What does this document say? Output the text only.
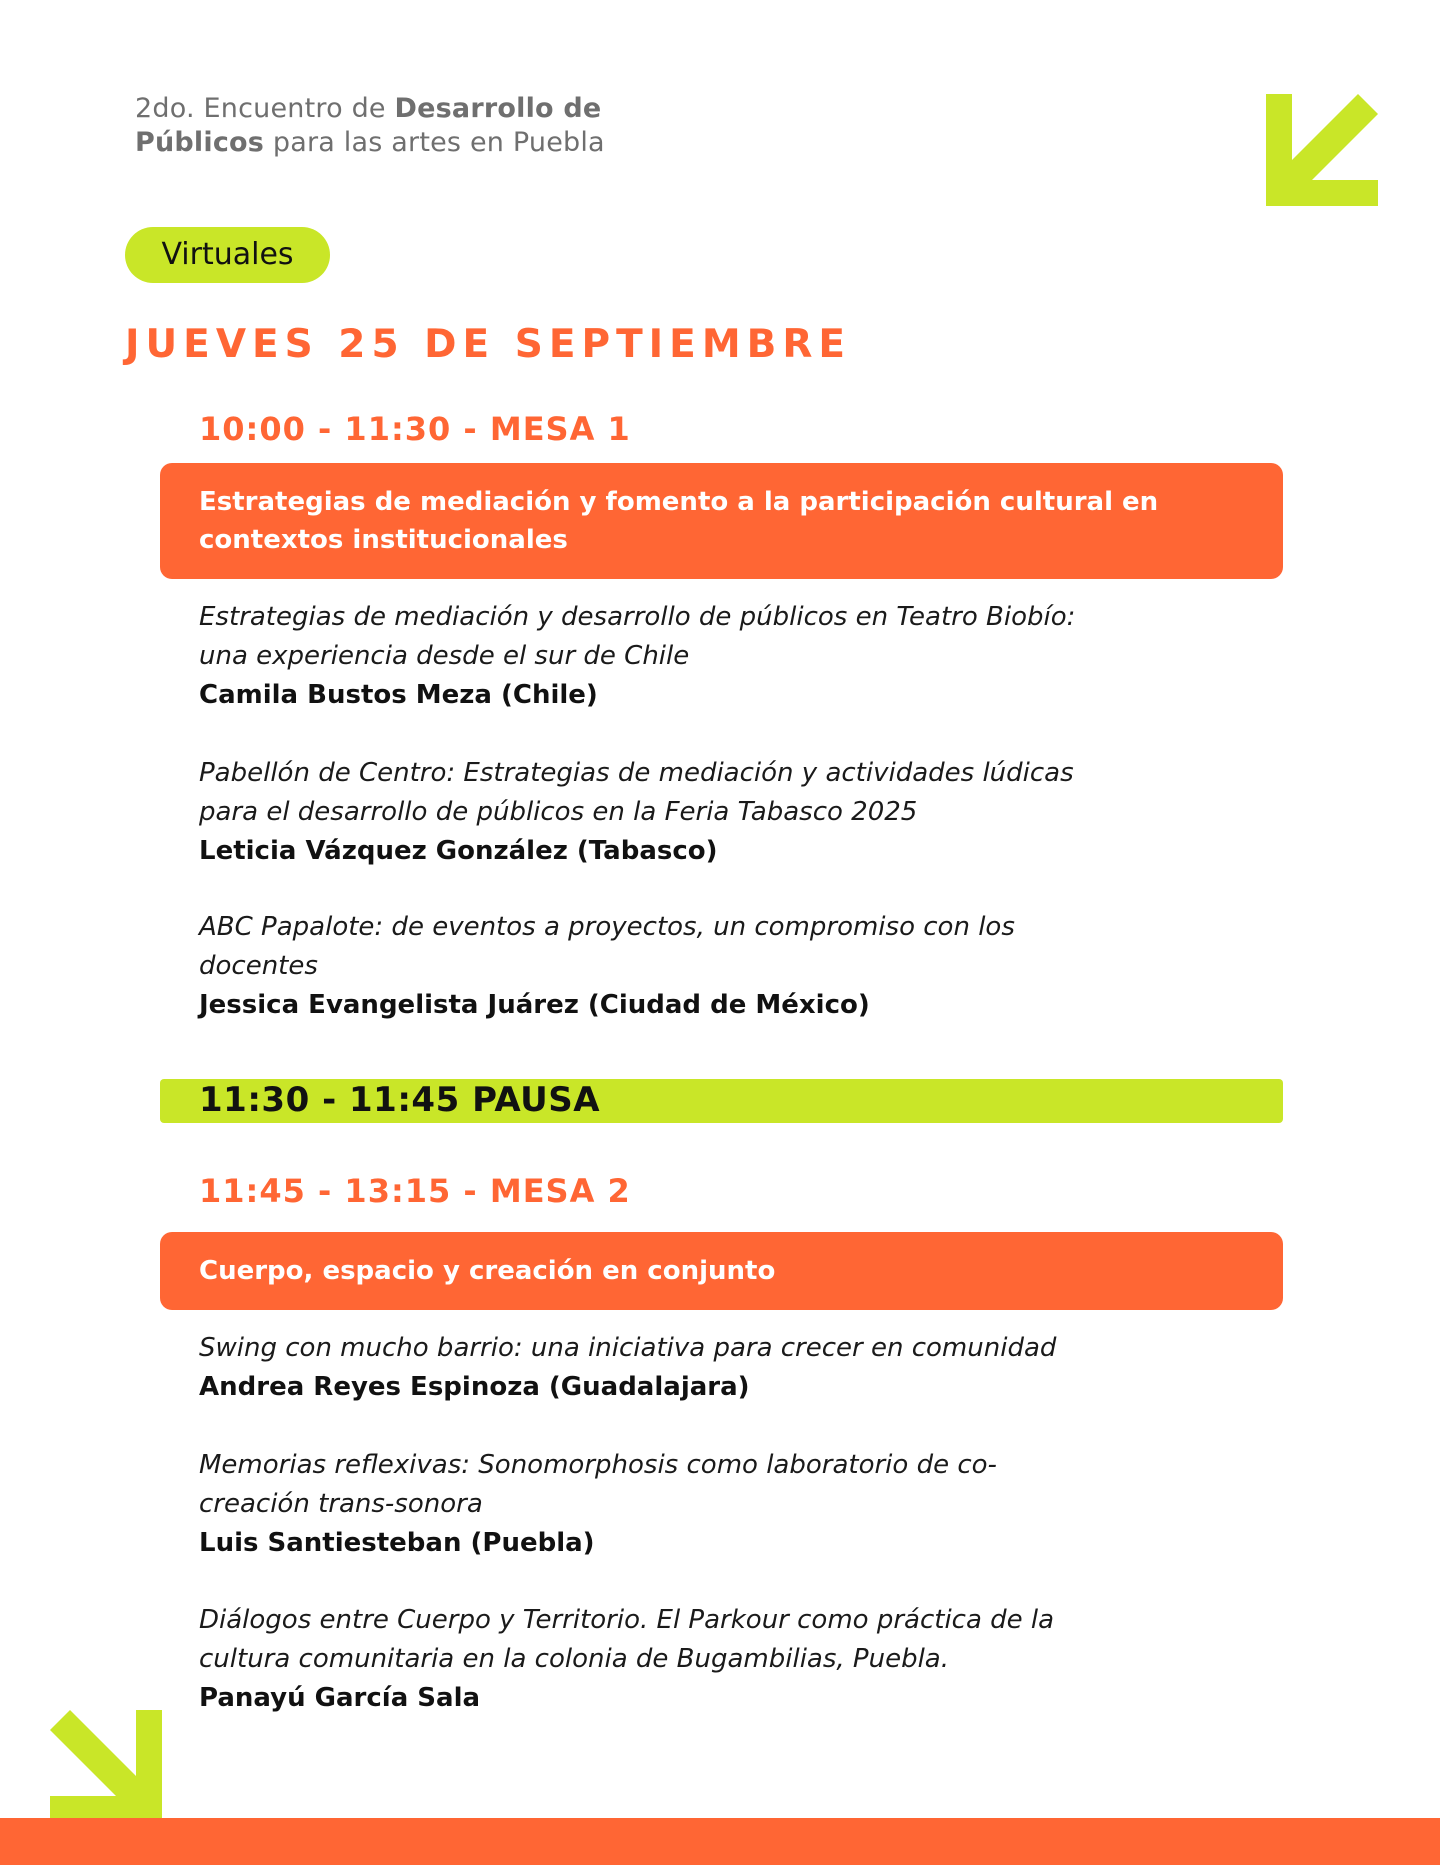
2do. Encuentro de Desarrollo de
Públicos para las artes en Puebla
Virtuales
JUEVES 25 DE SEPTIEMBRE
10:00 - 11:30 - MESA 1
Estrategias de mediación y fomento a la participación cultural en
contextos institucionales
Estrategias de mediación y desarrollo de públicos en Teatro Biobío:
una experiencia desde el sur de Chile
Camila Bustos Meza (Chile)
Pabellón de Centro: Estrategias de mediación y actividades lúdicas
para el desarrollo de públicos en la Feria Tabasco 2025
Leticia Vázquez González (Tabasco)
ABC Papalote: de eventos a proyectos, un compromiso con los
docentes
Jessica Evangelista Juárez (Ciudad de México)
11:30 - 11:45 PAUSA
11:45 - 13:15 - MESA 2
Cuerpo, espacio y creación en conjunto
Swing con mucho barrio: una iniciativa para crecer en comunidad
Andrea Reyes Espinoza (Guadalajara)
Memorias reflexivas: Sonomorphosis como laboratorio de co-
creación trans-sonora
Luis Santiesteban (Puebla)
Diálogos entre Cuerpo y Territorio. El Parkour como práctica de la
cultura comunitaria en la colonia de Bugambilias, Puebla.
Panayú García Sala
